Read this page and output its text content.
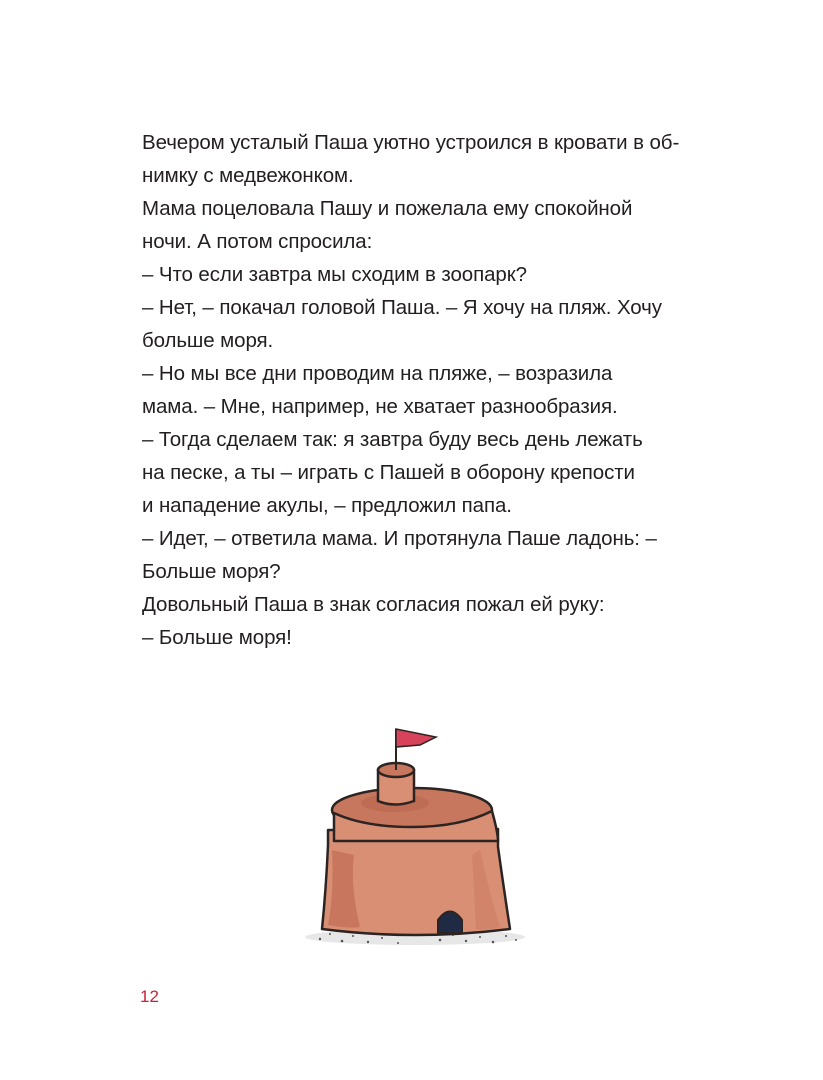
Вечером усталый Паша уютно устроился в кровати в об-
нимку с медвежонком.
Мама поцеловала Пашу и пожелала ему спокойной
ночи. А потом спросила:
– Что если завтра мы сходим в зоопарк?
– Нет, – покачал головой Паша. – Я хочу на пляж. Хочу
больше моря.
– Но мы все дни проводим на пляже, – возразила
мама. – Мне, например, не хватает разнообразия.
– Тогда сделаем так: я завтра буду весь день лежать
на песке, а ты – играть с Пашей в оборону крепости
и нападение акулы, – предложил папа.
– Идет, – ответила мама. И протянула Паше ладонь: –
Больше моря?
Довольный Паша в знак согласия пожал ей руку:
– Больше моря!
12
